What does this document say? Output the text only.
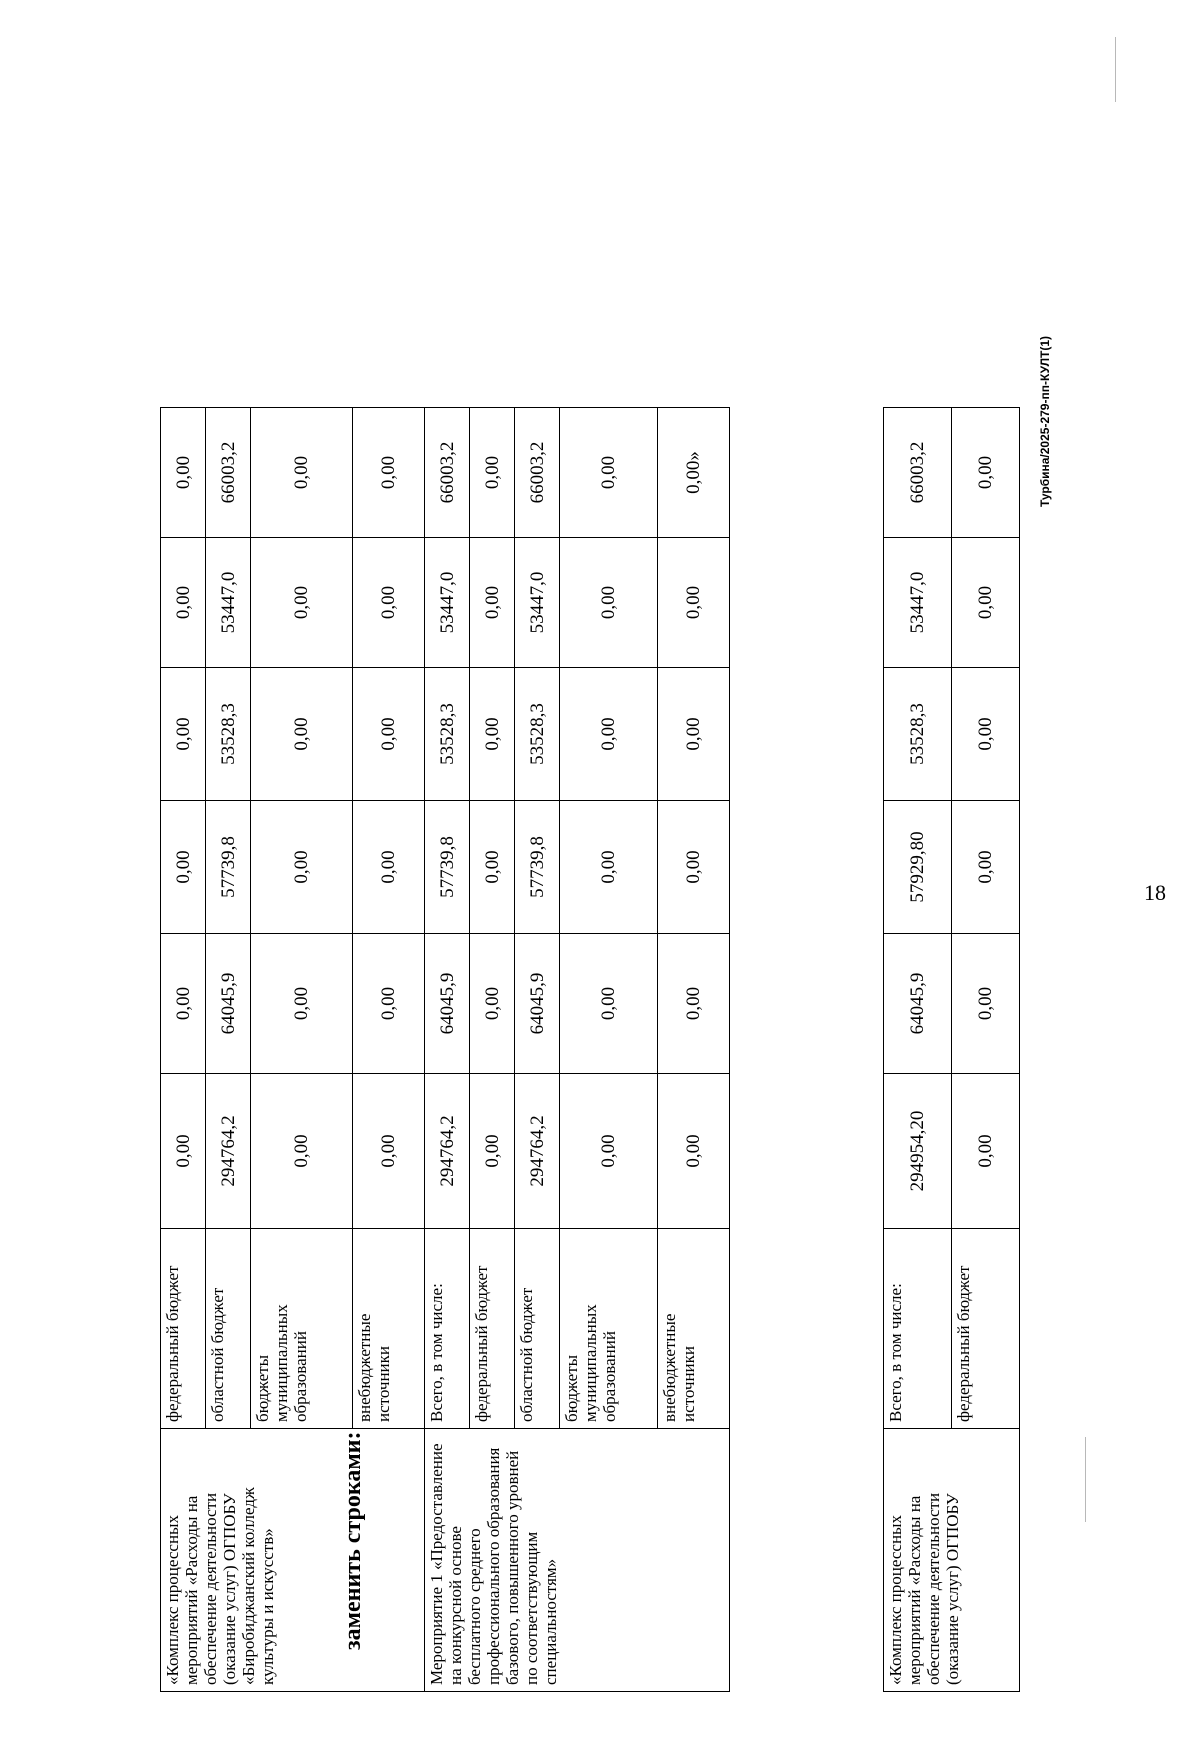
18
«Комплекс процессных мероприятий «Расходы на обеспечение деятельности (оказание услуг) ОГПОБУ «Биробиджанский колледж культуры и искусств»	федеральный бюджет	0,00	0,00	0,00	0,00	0,00	0,00
	областной бюджет	294764,2	64045,9	57739,8	53528,3	53447,0	66003,2
	бюджеты муниципальных образований	0,00	0,00	0,00	0,00	0,00	0,00
	внебюджетные источники	0,00	0,00	0,00	0,00	0,00	0,00
Мероприятие 1 «Предоставление на конкурсной основе бесплатного среднего профессионального образования базового, повышенного уровней по соответствующим специальностям»	Всего, в том числе:	294764,2	64045,9	57739,8	53528,3	53447,0	66003,2
	федеральный бюджет	0,00	0,00	0,00	0,00	0,00	0,00
	областной бюджет	294764,2	64045,9	57739,8	53528,3	53447,0	66003,2
	бюджеты муниципальных образований	0,00	0,00	0,00	0,00	0,00	0,00
	внебюджетные источники	0,00	0,00	0,00	0,00	0,00	0,00»
заменить строками:	«Комплекс процессных мероприятий «Расходы на обеспечение деятельности (оказание услуг) ОГПОБУ	Всего, в том числе:	294954,20	64045,9	57929,80	53528,3	53447,0	66003,2
	федеральный бюджет	0,00	0,00	0,00	0,00	0,00	0,00	Турбина/2025-279-пп-КУЛТ(1)
